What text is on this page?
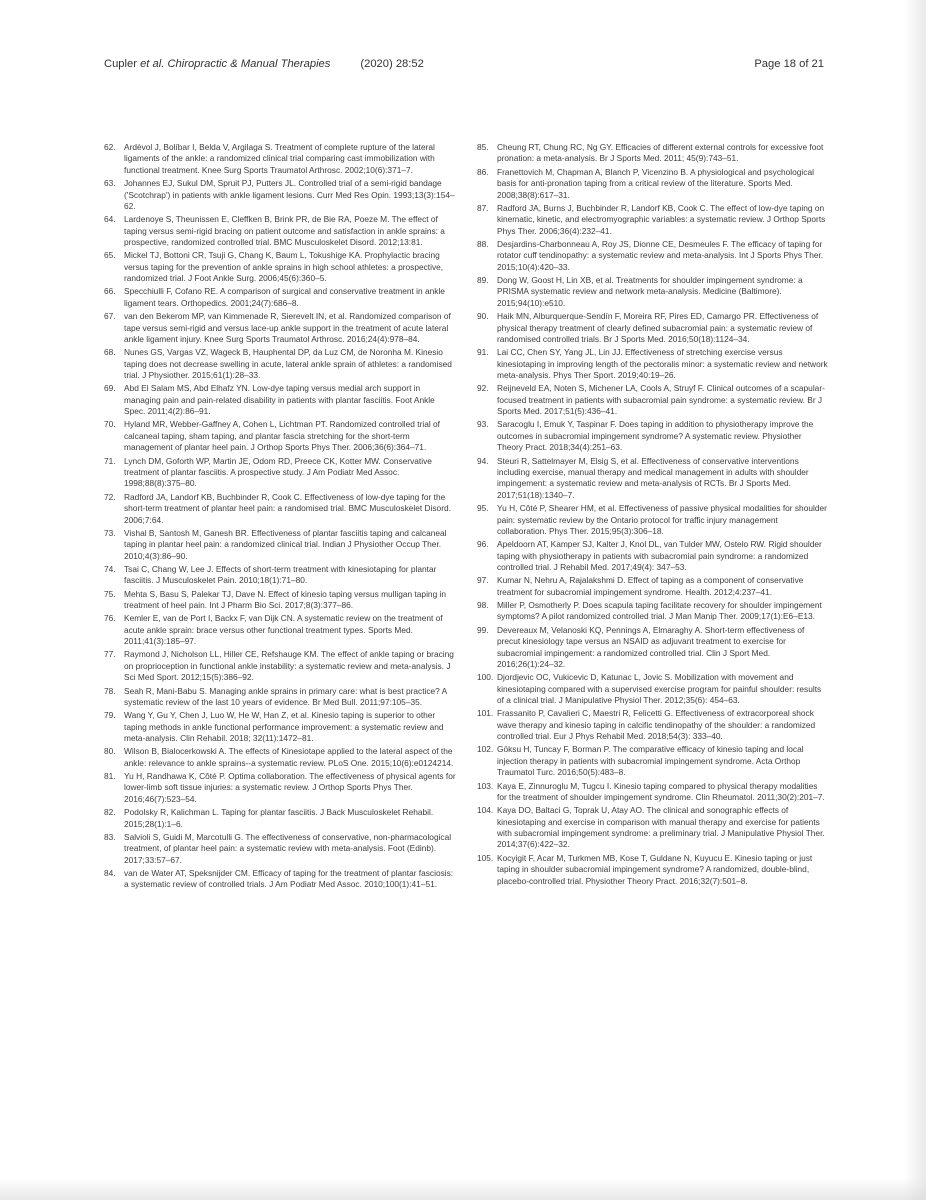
Cupler et al. Chiropractic & Manual Therapies	(2020) 28:52	Page 18 of 21
62.	Ardèvol J, Bolíbar I, Belda V, Argilaga S. Treatment of complete rupture of the lateral ligaments of the ankle: a randomized clinical trial comparing cast immobilization with functional treatment. Knee Surg Sports Traumatol Arthrosc. 2002;10(6):371–7.
63.	Johannes EJ, Sukul DM, Spruit PJ, Putters JL. Controlled trial of a semi-rigid bandage ('Scotchrap') in patients with ankle ligament lesions. Curr Med Res Opin. 1993;13(3):154–62.
64.	Lardenoye S, Theunissen E, Cleffken B, Brink PR, de Bie RA, Poeze M. The effect of taping versus semi-rigid bracing on patient outcome and satisfaction in ankle sprains: a prospective, randomized controlled trial. BMC Musculoskelet Disord. 2012;13:81.
65.	Mickel TJ, Bottoni CR, Tsuji G, Chang K, Baum L, Tokushige KA. Prophylactic bracing versus taping for the prevention of ankle sprains in high school athletes: a prospective, randomized trial. J Foot Ankle Surg. 2006;45(6):360–5.
66.	Specchiulli F, Cofano RE. A comparison of surgical and conservative treatment in ankle ligament tears. Orthopedics. 2001;24(7):686–8.
67.	van den Bekerom MP, van Kimmenade R, Sierevelt IN, et al. Randomized comparison of tape versus semi-rigid and versus lace-up ankle support in the treatment of acute lateral ankle ligament injury. Knee Surg Sports Traumatol Arthrosc. 2016;24(4):978–84.
68.	Nunes GS, Vargas VZ, Wageck B, Hauphental DP, da Luz CM, de Noronha M. Kinesio taping does not decrease swelling in acute, lateral ankle sprain of athletes: a randomised trial. J Physiother. 2015;61(1):28–33.
69.	Abd El Salam MS, Abd Elhafz YN. Low-dye taping versus medial arch support in managing pain and pain-related disability in patients with plantar fasciitis. Foot Ankle Spec. 2011;4(2):86–91.
70.	Hyland MR, Webber-Gaffney A, Cohen L, Lichtman PT. Randomized controlled trial of calcaneal taping, sham taping, and plantar fascia stretching for the short-term management of plantar heel pain. J Orthop Sports Phys Ther. 2006;36(6):364–71.
71.	Lynch DM, Goforth WP, Martin JE, Odom RD, Preece CK, Kotter MW. Conservative treatment of plantar fasciitis. A prospective study. J Am Podiatr Med Assoc. 1998;88(8):375–80.
72.	Radford JA, Landorf KB, Buchbinder R, Cook C. Effectiveness of low-dye taping for the short-term treatment of plantar heel pain: a randomised trial. BMC Musculoskelet Disord. 2006;7:64.
73.	Vishal B, Santosh M, Ganesh BR. Effectiveness of plantar fasciitis taping and calcaneal taping in plantar heel pain: a randomized clinical trial. Indian J Physiother Occup Ther. 2010;4(3):86–90.
74.	Tsai C, Chang W, Lee J. Effects of short-term treatment with kinesiotaping for plantar fasciitis. J Musculoskelet Pain. 2010;18(1):71–80.
75.	Mehta S, Basu S, Palekar TJ, Dave N. Effect of kinesio taping versus mulligan taping in treatment of heel pain. Int J Pharm Bio Sci. 2017;8(3):377–86.
76.	Kemler E, van de Port I, Backx F, van Dijk CN. A systematic review on the treatment of acute ankle sprain: brace versus other functional treatment types. Sports Med. 2011;41(3):185–97.
77.	Raymond J, Nicholson LL, Hiller CE, Refshauge KM. The effect of ankle taping or bracing on proprioception in functional ankle instability: a systematic review and meta-analysis. J Sci Med Sport. 2012;15(5):386–92.
78.	Seah R, Mani-Babu S. Managing ankle sprains in primary care: what is best practice? A systematic review of the last 10 years of evidence. Br Med Bull. 2011;97:105–35.
79.	Wang Y, Gu Y, Chen J, Luo W, He W, Han Z, et al. Kinesio taping is superior to other taping methods in ankle functional performance improvement: a systematic review and meta-analysis. Clin Rehabil. 2018; 32(11):1472–81.
80.	Wilson B, Bialocerkowski A. The effects of Kinesiotape applied to the lateral aspect of the ankle: relevance to ankle sprains--a systematic review. PLoS One. 2015;10(6):e0124214.
81.	Yu H, Randhawa K, Côté P. Optima collaboration. The effectiveness of physical agents for lower-limb soft tissue injuries: a systematic review. J Orthop Sports Phys Ther. 2016;46(7):523–54.
82.	Podolsky R, Kalichman L. Taping for plantar fasciitis. J Back Musculoskelet Rehabil. 2015;28(1):1–6.
83.	Salvioli S, Guidi M, Marcotulli G. The effectiveness of conservative, non-pharmacological treatment, of plantar heel pain: a systematic review with meta-analysis. Foot (Edinb). 2017;33:57–67.
84.	van de Water AT, Speksnijder CM. Efficacy of taping for the treatment of plantar fasciosis: a systematic review of controlled trials. J Am Podiatr Med Assoc. 2010;100(1):41–51.
85.	Cheung RT, Chung RC, Ng GY. Efficacies of different external controls for excessive foot pronation: a meta-analysis. Br J Sports Med. 2011; 45(9):743–51.
86.	Franettovich M, Chapman A, Blanch P, Vicenzino B. A physiological and psychological basis for anti-pronation taping from a critical review of the literature. Sports Med. 2008;38(8):617–31.
87.	Radford JA, Burns J, Buchbinder R, Landorf KB, Cook C. The effect of low-dye taping on kinematic, kinetic, and electromyographic variables: a systematic review. J Orthop Sports Phys Ther. 2006;36(4):232–41.
88.	Desjardins-Charbonneau A, Roy JS, Dionne CE, Desmeules F. The efficacy of taping for rotator cuff tendinopathy: a systematic review and meta-analysis. Int J Sports Phys Ther. 2015;10(4):420–33.
89.	Dong W, Goost H, Lin XB, et al. Treatments for shoulder impingement syndrome: a PRISMA systematic review and network meta-analysis. Medicine (Baltimore). 2015;94(10):e510.
90.	Haik MN, Alburquerque-Sendín F, Moreira RF, Pires ED, Camargo PR. Effectiveness of physical therapy treatment of clearly defined subacromial pain: a systematic review of randomised controlled trials. Br J Sports Med. 2016;50(18):1124–34.
91.	Lai CC, Chen SY, Yang JL, Lin JJ. Effectiveness of stretching exercise versus kinesiotaping in improving length of the pectoralis minor: a systematic review and network meta-analysis. Phys Ther Sport. 2019;40:19–26.
92.	Reijneveld EA, Noten S, Michener LA, Cools A, Struyf F. Clinical outcomes of a scapular-focused treatment in patients with subacromial pain syndrome: a systematic review. Br J Sports Med. 2017;51(5):436–41.
93.	Saracoglu I, Emuk Y, Taspinar F. Does taping in addition to physiotherapy improve the outcomes in subacromial impingement syndrome? A systematic review. Physiother Theory Pract. 2018;34(4):251–63.
94.	Steuri R, Sattelmayer M, Elsig S, et al. Effectiveness of conservative interventions including exercise, manual therapy and medical management in adults with shoulder impingement: a systematic review and meta-analysis of RCTs. Br J Sports Med. 2017;51(18):1340–7.
95.	Yu H, Côté P, Shearer HM, et al. Effectiveness of passive physical modalities for shoulder pain: systematic review by the Ontario protocol for traffic injury management collaboration. Phys Ther. 2015;95(3):306–18.
96.	Apeldoorn AT, Kamper SJ, Kalter J, Knol DL, van Tulder MW, Ostelo RW. Rigid shoulder taping with physiotherapy in patients with subacromial pain syndrome: a randomized controlled trial. J Rehabil Med. 2017;49(4): 347–53.
97.	Kumar N, Nehru A, Rajalakshmi D. Effect of taping as a component of conservative treatment for subacromial impingement syndrome. Health. 2012;4:237–41.
98.	Miller P, Osmotherly P. Does scapula taping facilitate recovery for shoulder impingement symptoms? A pilot randomized controlled trial. J Man Manip Ther. 2009;17(1):E6–E13.
99.	Devereaux M, Velanoski KQ, Pennings A, Elmaraghy A. Short-term effectiveness of precut kinesiology tape versus an NSAID as adjuvant treatment to exercise for subacromial impingement: a randomized controlled trial. Clin J Sport Med. 2016;26(1):24–32.
100. Djordjevic OC, Vukicevic D, Katunac L, Jovic S. Mobilization with movement and kinesiotaping compared with a supervised exercise program for painful shoulder: results of a clinical trial. J Manipulative Physiol Ther. 2012;35(6): 454–63.
101. Frassanito P, Cavalieri C, Maestri R, Felicetti G. Effectiveness of extracorporeal shock wave therapy and kinesio taping in calcific tendinopathy of the shoulder: a randomized controlled trial. Eur J Phys Rehabil Med. 2018;54(3): 333–40.
102. Göksu H, Tuncay F, Borman P. The comparative efficacy of kinesio taping and local injection therapy in patients with subacromial impingement syndrome. Acta Orthop Traumatol Turc. 2016;50(5):483–8.
103. Kaya E, Zinnuroglu M, Tugcu I. Kinesio taping compared to physical therapy modalities for the treatment of shoulder impingement syndrome. Clin Rheumatol. 2011;30(2):201–7.
104. Kaya DO, Baltaci G, Toprak U, Atay AO. The clinical and sonographic effects of kinesiotaping and exercise in comparison with manual therapy and exercise for patients with subacromial impingement syndrome: a preliminary trial. J Manipulative Physiol Ther. 2014;37(6):422–32.
105. Kocyigit F, Acar M, Turkmen MB, Kose T, Guldane N, Kuyucu E. Kinesio taping or just taping in shoulder subacromial impingement syndrome? A randomized, double-blind, placebo-controlled trial. Physiother Theory Pract. 2016;32(7):501–8.
